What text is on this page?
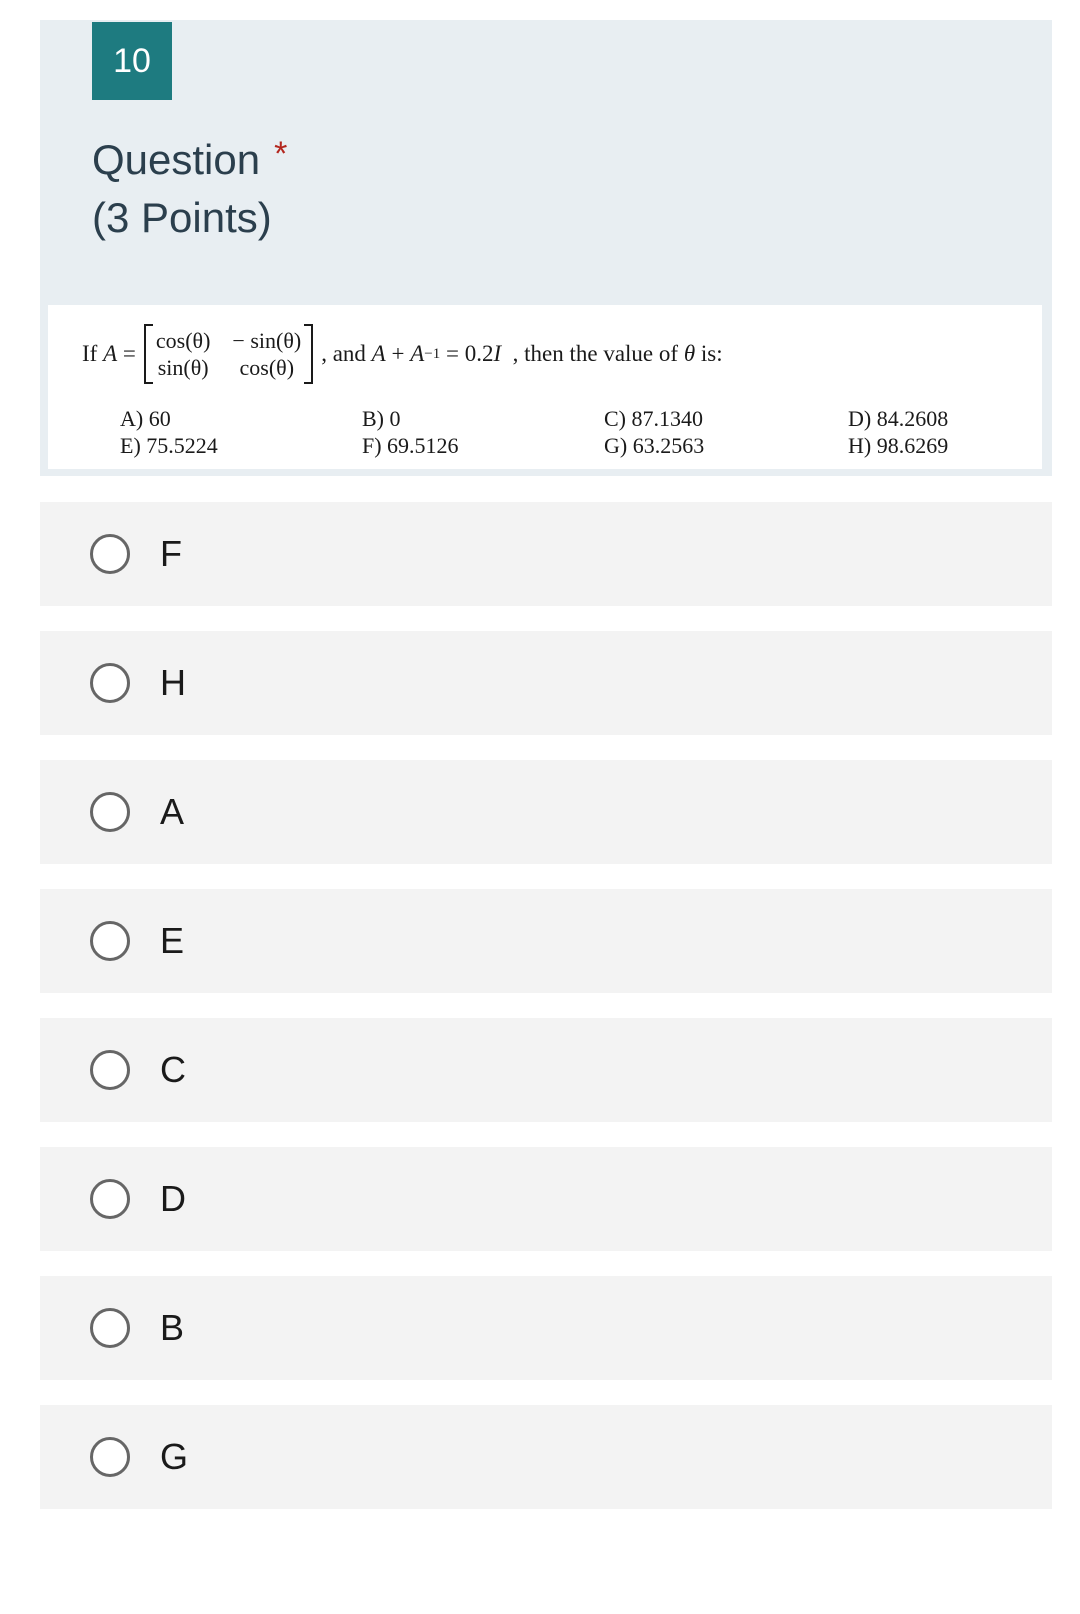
10
Question *
(3 Points)
If
A
=
cos(θ) − sin(θ)
sin(θ)	cos(θ)
, and
A
+
A −1
= 0.2 I
, then the value of
θ
is:
A) 60
E) 75.5224
B) 0
F) 69.5126
C) 87.1340
G) 63.2563
D) 84.2608
H) 98.6269
F
H
A
E
C
D
B
G
